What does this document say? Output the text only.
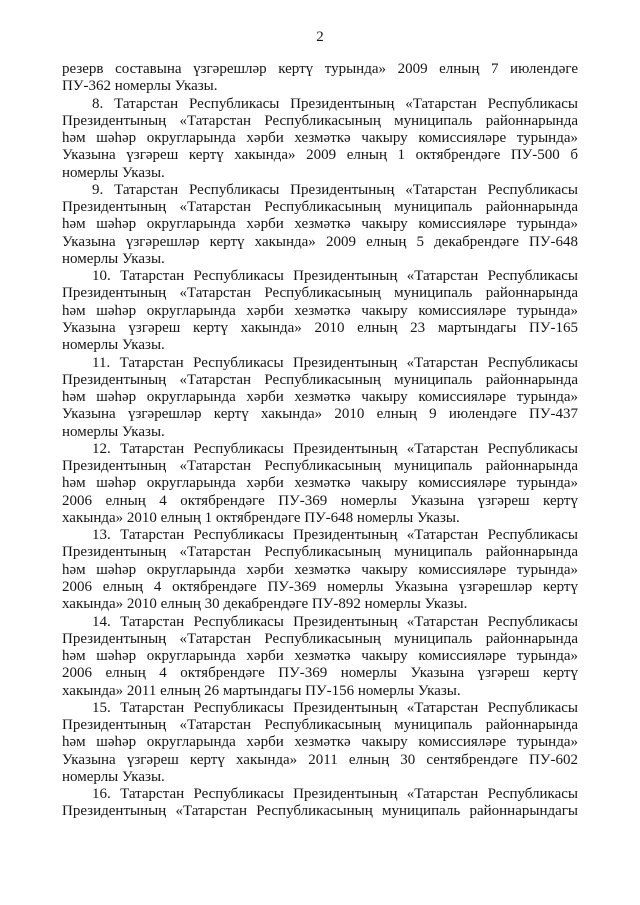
2
резерв составына үзгәрешләр кертү турында» 2009 елның 7 июлендәге
ПУ-362 номерлы Указы.
8. Татарстан Республикасы Президентының «Татарстан Республикасы
Президентының «Татарстан Республикасының муниципаль районнарында
һәм шәһәр округларында хәрби хезмәткә чакыру комиссияләре турында»
Указына үзгәреш кертү хакында» 2009 елның 1 октябрендәге ПУ-500 б
номерлы Указы.
9. Татарстан Республикасы Президентының «Татарстан Республикасы
Президентының «Татарстан Республикасының муниципаль районнарында
һәм шәһәр округларында хәрби хезмәткә чакыру комиссияләре турында»
Указына үзгәрешләр кертү хакында» 2009 елның 5 декабрендәге ПУ-648
номерлы Указы.
10. Татарстан Республикасы Президентының «Татарстан Республикасы
Президентының «Татарстан Республикасының муниципаль районнарында
һәм шәһәр округларында хәрби хезмәткә чакыру комиссияләре турында»
Указына үзгәреш кертү хакында» 2010 елның 23 мартындагы ПУ-165
номерлы Указы.
11. Татарстан Республикасы Президентының «Татарстан Республикасы
Президентының «Татарстан Республикасының муниципаль районнарында
һәм шәһәр округларында хәрби хезмәткә чакыру комиссияләре турында»
Указына үзгәрешләр кертү хакында» 2010 елның 9 июлендәге ПУ-437
номерлы Указы.
12. Татарстан Республикасы Президентының «Татарстан Республикасы
Президентының «Татарстан Республикасының муниципаль районнарында
һәм шәһәр округларында хәрби хезмәткә чакыру комиссияләре турында»
2006 елның 4 октябрендәге ПУ-369 номерлы Указына үзгәреш кертү
хакында» 2010 елның 1 октябрендәге ПУ-648 номерлы Указы.
13. Татарстан Республикасы Президентының «Татарстан Республикасы
Президентының «Татарстан Республикасының муниципаль районнарында
һәм шәһәр округларында хәрби хезмәткә чакыру комиссияләре турында»
2006 елның 4 октябрендәге ПУ-369 номерлы Указына үзгәрешләр кертү
хакында» 2010 елның 30 декабрендәге ПУ-892 номерлы Указы.
14. Татарстан Республикасы Президентының «Татарстан Республикасы
Президентының «Татарстан Республикасының муниципаль районнарында
һәм шәһәр округларында хәрби хезмәткә чакыру комиссияләре турында»
2006 елның 4 октябрендәге ПУ-369 номерлы Указына үзгәреш кертү
хакында» 2011 елның 26 мартындагы ПУ-156 номерлы Указы.
15. Татарстан Республикасы Президентының «Татарстан Республикасы
Президентының «Татарстан Республикасының муниципаль районнарында
һәм шәһәр округларында хәрби хезмәткә чакыру комиссияләре турында»
Указына үзгәреш кертү хакында» 2011 елның 30 сентябрендәге ПУ-602
номерлы Указы.
16. Татарстан Республикасы Президентының «Татарстан Республикасы
Президентының «Татарстан Республикасының муниципаль районнарындагы
